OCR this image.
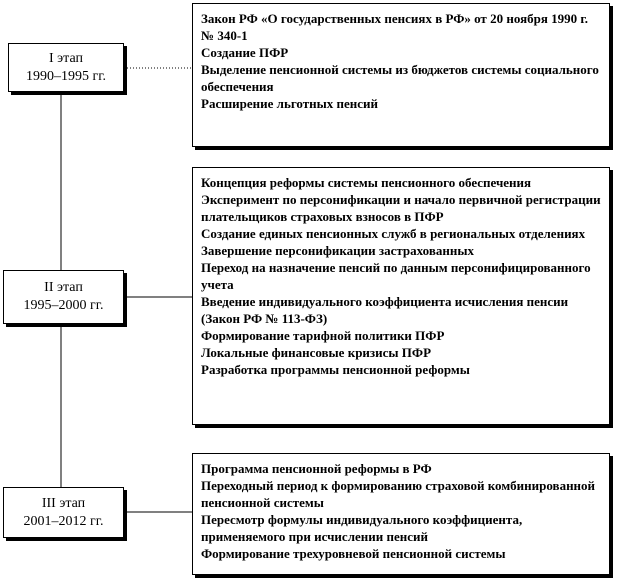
I этап
1990–1995 гг.
Закон РФ «О государственных пенсиях в РФ» от 20 ноября 1990 г.
№ 340-1
Создание ПФР
Выделение пенсионной системы из бюджетов системы социального обеспечения
Расширение льготных пенсий
II этап
1995–2000 гг.
Концепция реформы системы пенсионного обеспечения
Эксперимент по персонификации и начало первичной регистрации плательщиков страховых взносов в ПФР
Создание единых пенсионных служб в региональных отделениях
Завершение персонификации застрахованных
Переход на назначение пенсий по данным персонифицированного учета
Введение индивидуального коэффициента исчисления пенсии (Закон РФ № 113-ФЗ)
Формирование тарифной политики ПФР
Локальные финансовые кризисы ПФР
Разработка программы пенсионной реформы
III этап
2001–2012 гг.
Программа пенсионной реформы в РФ
Переходный период к формированию страховой комбинированной пенсионной системы
Пересмотр формулы индивидуального коэффициента, применяемого при исчислении пенсий
Формирование трехуровневой пенсионной системы
